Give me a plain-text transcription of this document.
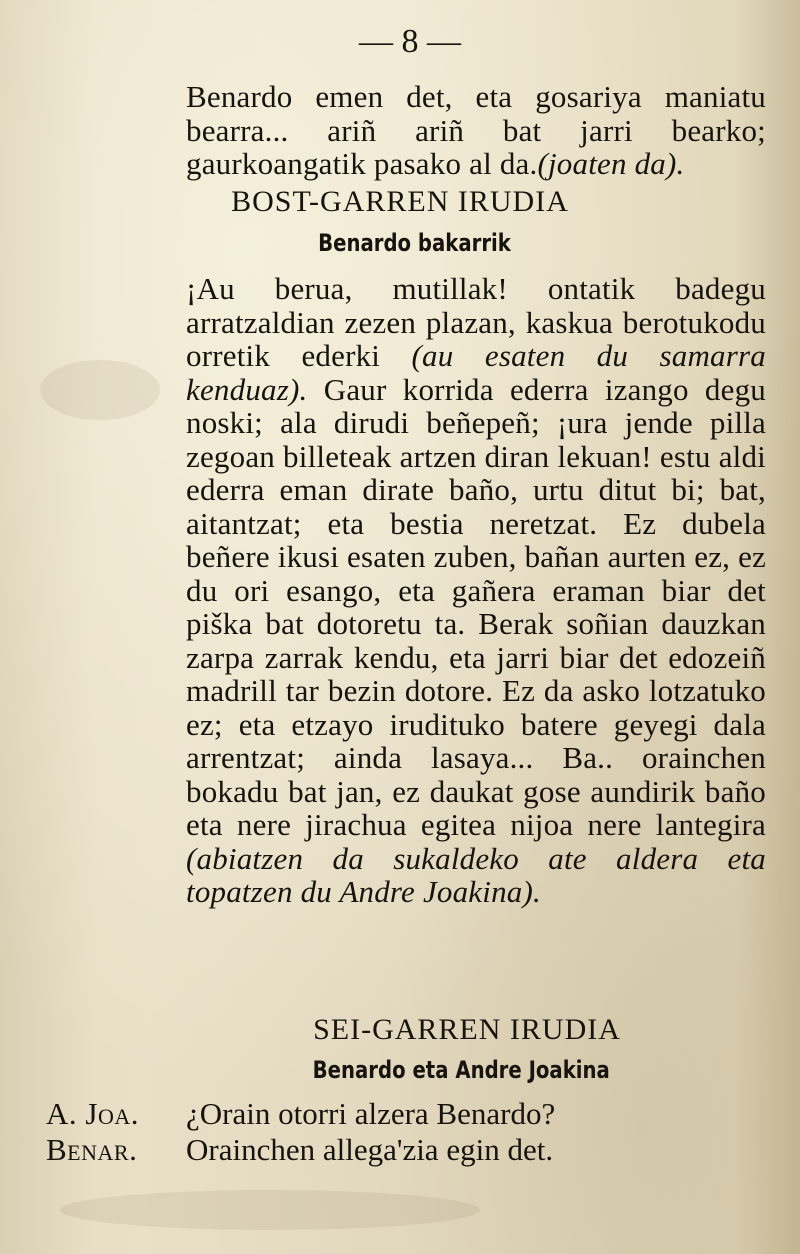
— 8 —

Benardo emen det, eta gosariya maniatu bearra... ariñ ariñ bat jarri bearko; gaurkoangatik pasako al da.(joaten da).

BOST-GARREN IRUDIA
Benardo bakarrik

¡Au berua, mutillak! ontatik badegu arratzaldian zezen plazan, kaskua berotukodu orretik ederki (au esaten du samarra kenduaz). Gaur korrida ederra izango degu noski; ala dirudi beñepeñ; ¡ura jende pilla zegoan billeteak artzen diran lekuan! estu aldi ederra eman dirate baño, urtu ditut bi; bat, aitantzat; eta bestia neretzat. Ez dubela beñere ikusi esaten zuben, bañan aurten ez, ez du ori esango, eta gañera eraman biar det piška bat dotoretu ta. Berak soñian dauzkan zarpa zarrak kendu, eta jarri biar det edozeiñ madrill tar bezin dotore. Ez da asko lotzatuko ez; eta etzayo iruditukо batere geyegi dala arrentzat; ainda lasaya... Ba.. orainchen bokadu bat jan, ez daukat gose aundirik baño eta nere jirachua egitea nijoa nere lantegira (abiatzen da sukaldeko ate aldera eta topatzen du Andre Joakina).

SEI-GARREN IRUDIA
Benardo eta Andre Joakina
A. Joa. ¿Orain otorri alzera Benardo?
Benar. Orainchen allega'zia egin det.
